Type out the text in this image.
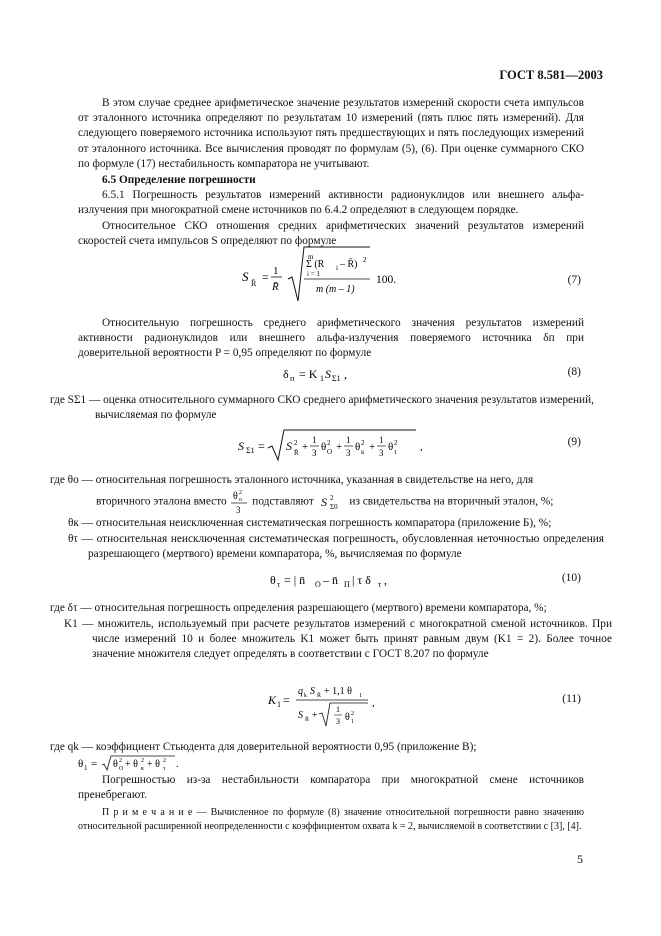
ГОСТ 8.581—2003
В этом случае среднее арифметическое значение результатов измерений скорости счета импульсов от эталонного источника определяют по результатам 10 измерений (пять плюс пять измерений). Для следующего поверяемого источника используют пять предшествующих и пять последующих измерений от эталонного источника. Все вычисления проводят по формулам (5), (6). При оценке суммарного СКО по формуле (17) нестабильность компаратора не учитывают.
6.5 Определение погрешности
6.5.1 Погрешность результатов измерений активности радионуклидов или внешнего альфа-излучения при многократной смене источников по 6.4.2 определяют в следующем порядке.
Относительное СКО отношения средних арифметических значений результатов измерений скоростей счета импульсов S определяют по формуле
S R̄ = 1
R̄
m
Σ (R i – R̄) 2
i = 1
m (m – 1)
100.	(7)
Относительную погрешность среднего арифметического значения результатов измерений активности радионуклидов или внешнего альфа-излучения поверяемого источника δп при доверительной вероятности P = 0,95 определяют по формуле
δ п = K 1 S Σ1 ,	(8)
где SΣ1 — оценка относительного суммарного СКО среднего арифметического значения результатов измерений, вычисляемая по формуле
S Σ1 = S 2
R̄ +
1
3 θ 2
О +
1
3 θ 2
к +
1
3 θ 2
τ ,	(9)
где θо — относительная погрешность эталонного источника, указанная в свидетельстве на него, для
вторичного эталона вместо θ 2
о
3
подставляют S 2
Σ0 из свидетельства на вторичный эталон, %;
θк — относительная неисключенная систематическая погрешность компаратора (приложение Б), %;
θτ — относительная неисключенная систематическая погрешность, обусловленная неточностью определения разрешающего (мертвого) времени компаратора, %, вычисляемая по формуле
θ τ = | n̄ О – n̄ П | τ δ τ ,	(10)
где δτ — относительная погрешность определения разрешающего (мертвого) времени компаратора, %;
K1 — множитель, используемый при расчете результатов измерений с многократной сменой источников. При числе измерений 10 и более множитель K1 может быть принят равным двум (K1 = 2). Более точное значение множителя следует определять в соответствии с ГОСТ 8.207 по формуле
K 1 =
q k S R̄ + 1,1 θ 1
S R̄ +
1
3 θ 2
1
,	(11)
где qk — коэффициент Стьюдента для доверительной вероятности 0,95 (приложение В);
θ 1 = θ 2
О + θ 2
к + θ 2
τ .
Погрешностью из-за нестабильности компаратора при многократной смене источников пренебрегают.
П р и м е ч а н и е — Вычисленное по формуле (8) значение относительной погрешности равно значению относительной расширенной неопределенности с коэффициентом охвата k = 2, вычисляемой в соответствии с [3], [4].
5
